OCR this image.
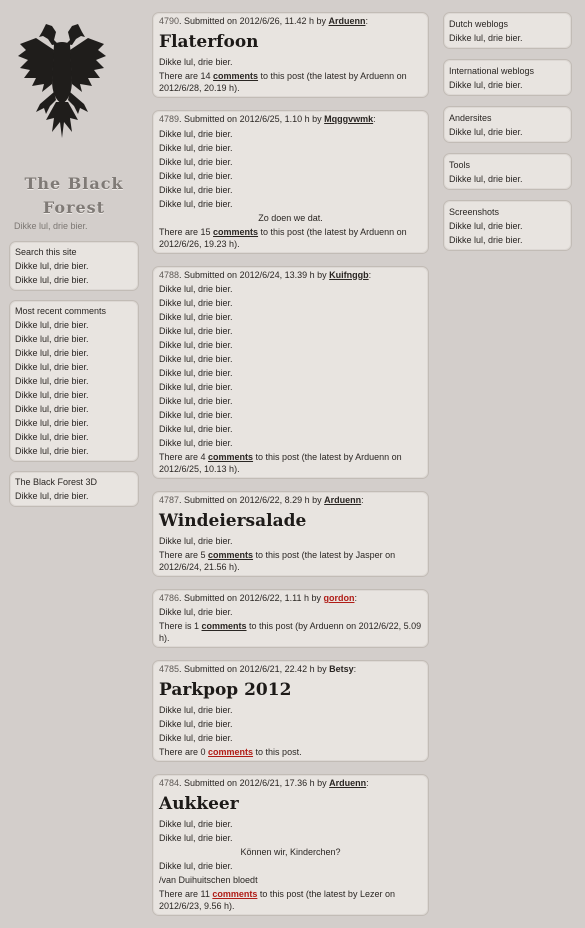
The Black
Forest
Dikke lul, drie bier.
Search this site
Dikke lul, drie bier.
Dikke lul, drie bier.
Most recent comments
Dikke lul, drie bier.
Dikke lul, drie bier.
Dikke lul, drie bier.
Dikke lul, drie bier.
Dikke lul, drie bier.
Dikke lul, drie bier.
Dikke lul, drie bier.
Dikke lul, drie bier.
Dikke lul, drie bier.
Dikke lul, drie bier.
The Black Forest 3D
Dikke lul, drie bier.
4790. Submitted on 2012/6/26, 11.42 h by Arduenn:
Flaterfoon
Dikke lul, drie bier.
There are 14 comments to this post (the latest by Arduenn on 2012/6/28, 20.19 h).
4789. Submitted on 2012/6/25, 1.10 h by Mqggvwmk:
Dikke lul, drie bier.
Dikke lul, drie bier.
Dikke lul, drie bier.
Dikke lul, drie bier.
Dikke lul, drie bier.
Dikke lul, drie bier.
Zo doen we dat.
There are 15 comments to this post (the latest by Arduenn on 2012/6/26, 19.23 h).
4788. Submitted on 2012/6/24, 13.39 h by Kuifnggb:
Dikke lul, drie bier.
Dikke lul, drie bier.
Dikke lul, drie bier.
Dikke lul, drie bier.
Dikke lul, drie bier.
Dikke lul, drie bier.
Dikke lul, drie bier.
Dikke lul, drie bier.
Dikke lul, drie bier.
Dikke lul, drie bier.
Dikke lul, drie bier.
Dikke lul, drie bier.
There are 4 comments to this post (the latest by Arduenn on 2012/6/25, 10.13 h).
4787. Submitted on 2012/6/22, 8.29 h by Arduenn:
Windeiersalade
Dikke lul, drie bier.
There are 5 comments to this post (the latest by Jasper on 2012/6/24, 21.56 h).
4786. Submitted on 2012/6/22, 1.11 h by gordon:
Dikke lul, drie bier.
There is 1 comments to this post (by Arduenn on 2012/6/22, 5.09 h).
4785. Submitted on 2012/6/21, 22.42 h by Betsy:
Parkpop 2012
Dikke lul, drie bier.
Dikke lul, drie bier.
Dikke lul, drie bier.
There are 0 comments to this post.
4784. Submitted on 2012/6/21, 17.36 h by Arduenn:
Aukkeer
Dikke lul, drie bier.
Dikke lul, drie bier.
Können wir, Kinderchen?
Dikke lul, drie bier.
/van Duihuitschen bloedt
There are 11 comments to this post (the latest by Lezer on 2012/6/23, 9.56 h).
Dutch weblogs
Dikke lul, drie bier.
International weblogs
Dikke lul, drie bier.
Andersites
Dikke lul, drie bier.
Tools
Dikke lul, drie bier.
Screenshots
Dikke lul, drie bier.
Dikke lul, drie bier.
